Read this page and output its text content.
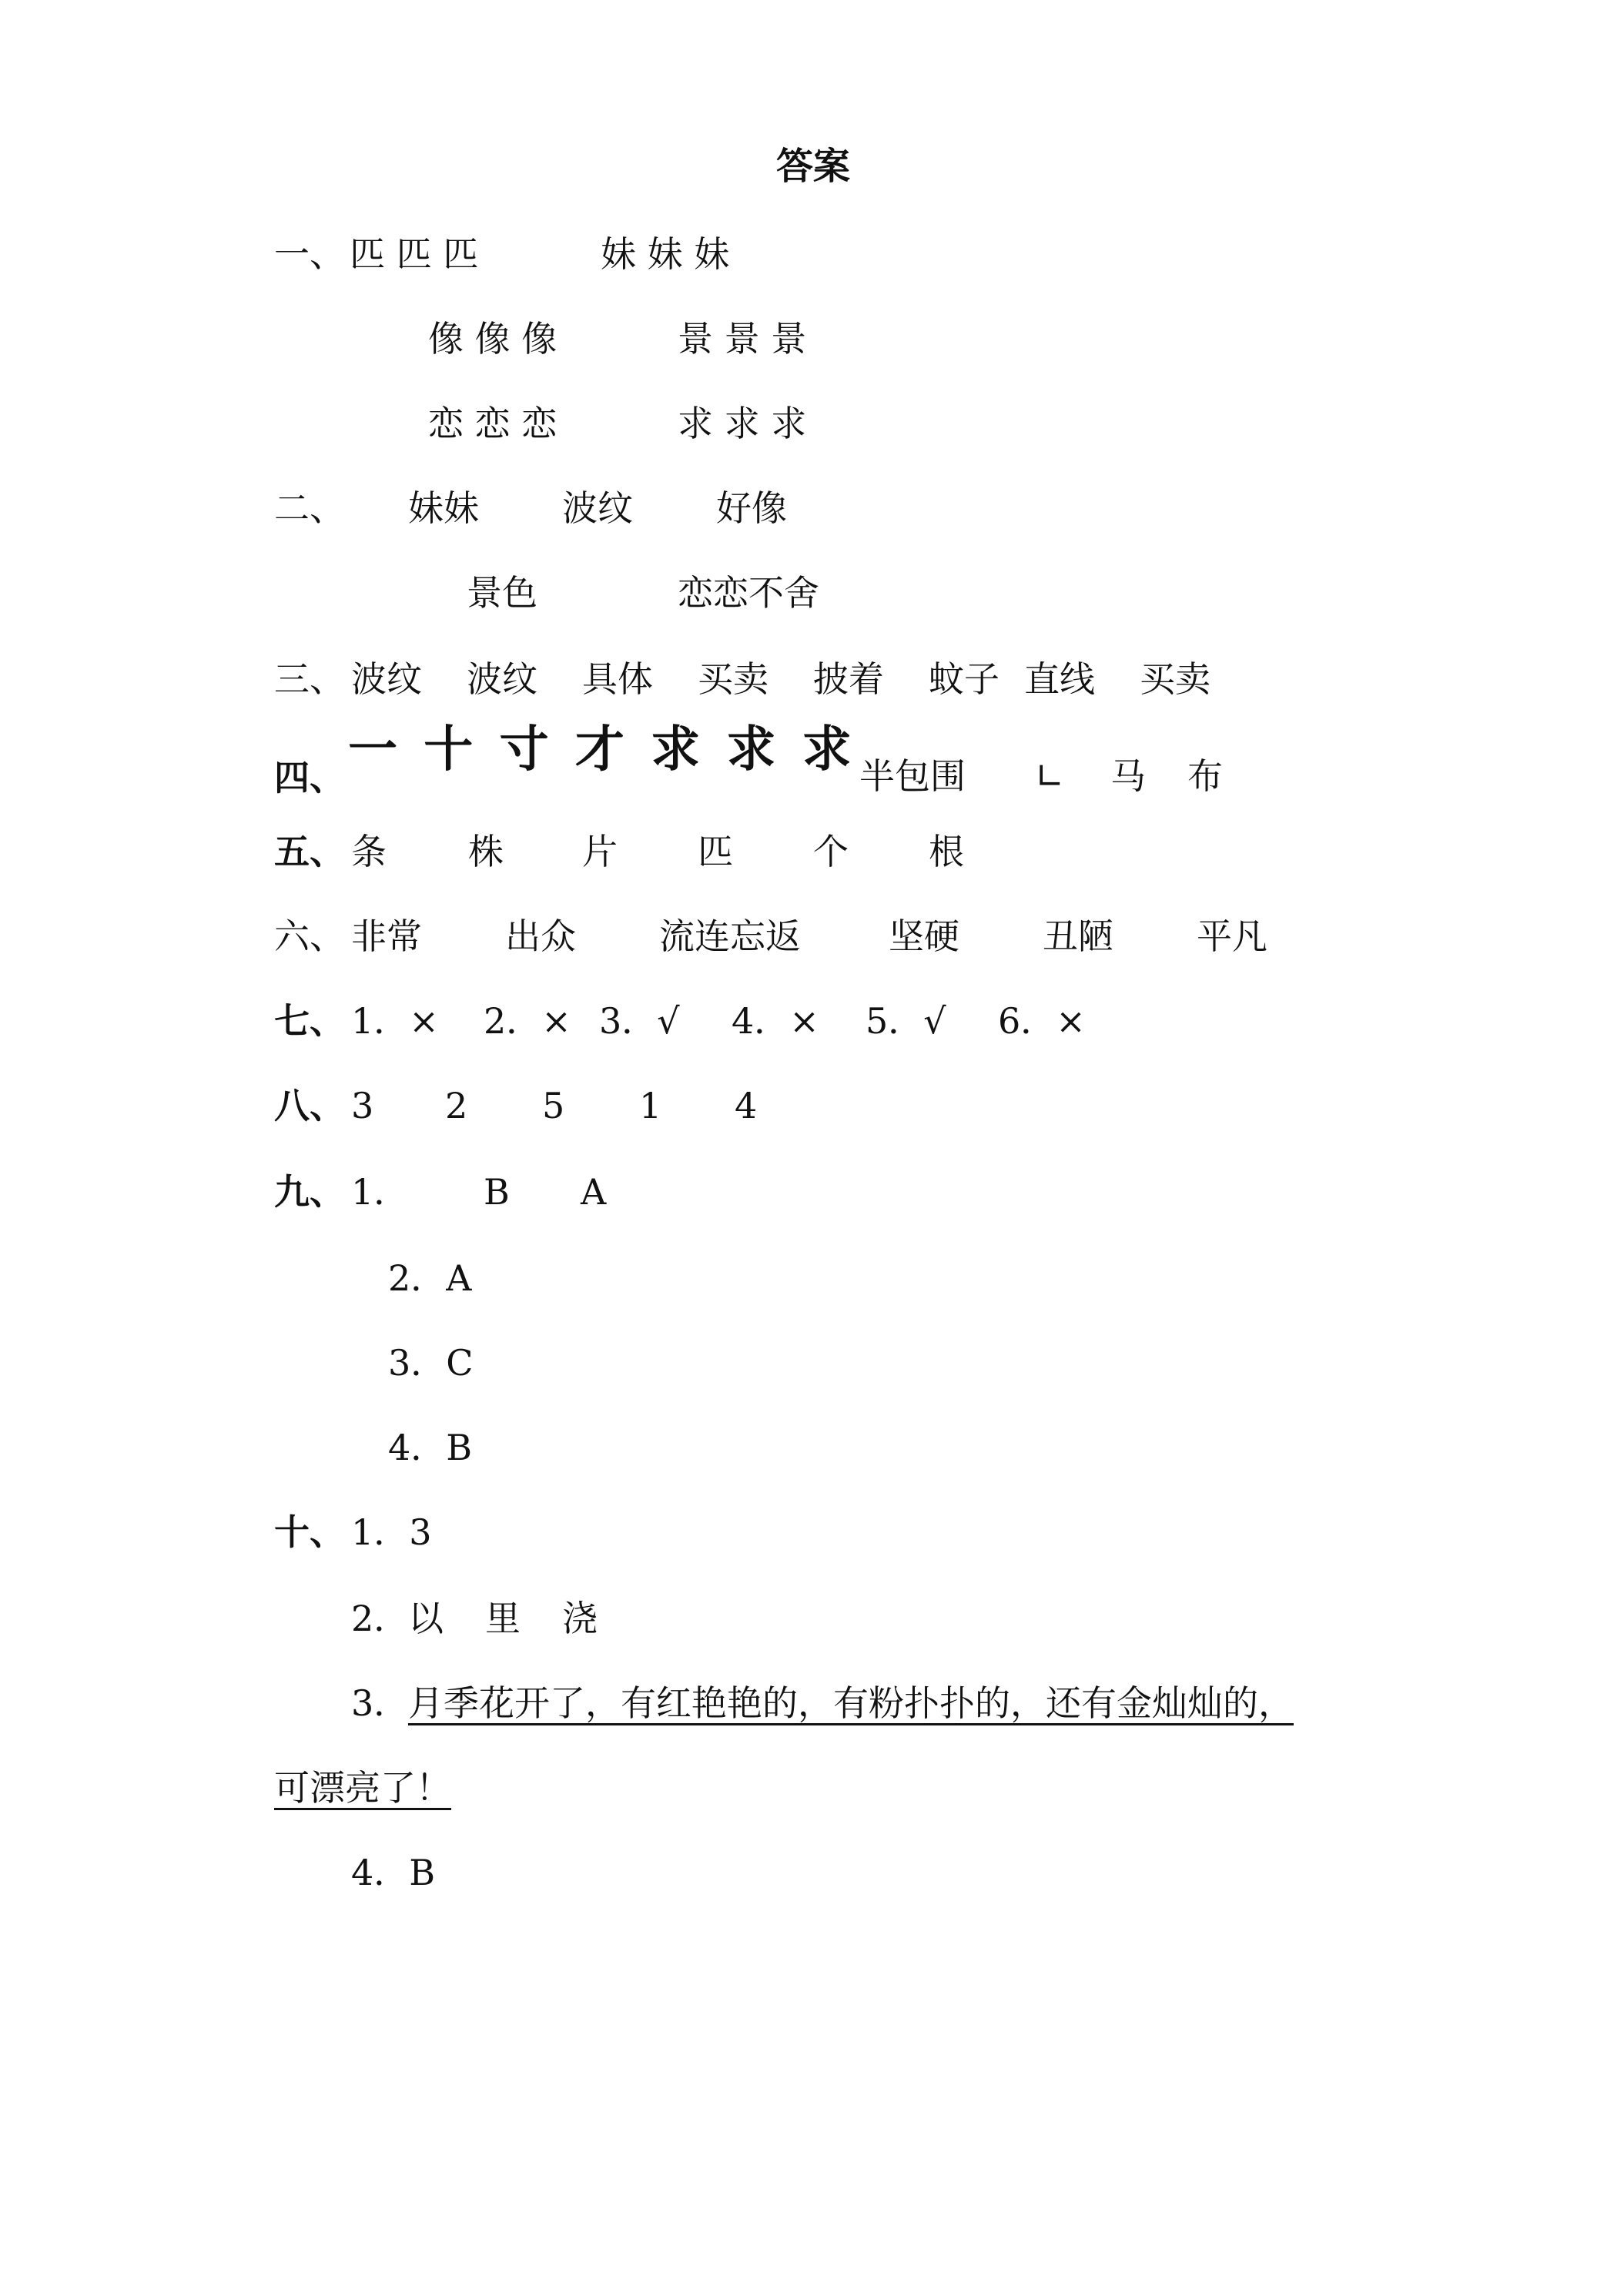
答案
一、 匹 匹 匹	妹 妹 妹
像 像 像	景 景 景
恋 恋 恋	求 求 求
二、 妹妹 波纹 好像
景色	恋恋不舍
三、 波纹 波纹 具体 买卖 披着 蚊子 直线 买卖
四、 一 十 寸 才 求 求 求 半包围 ∟ 马 布
五、 条 株 片 匹 个 根
六、 非常 出众 流连忘返 坚硬 丑陋 平凡
七、 1．× 2．× 3．√ 4．× 5．√ 6．×
八、 3 2 5 1 4
九、 1． B A
2．A
3．C
4．B
十、 1．3
2．
以 里 浇
3．
月季花开了，有红艳艳的，有粉扑扑的，还有金灿灿的，
可漂亮了！
4．B
